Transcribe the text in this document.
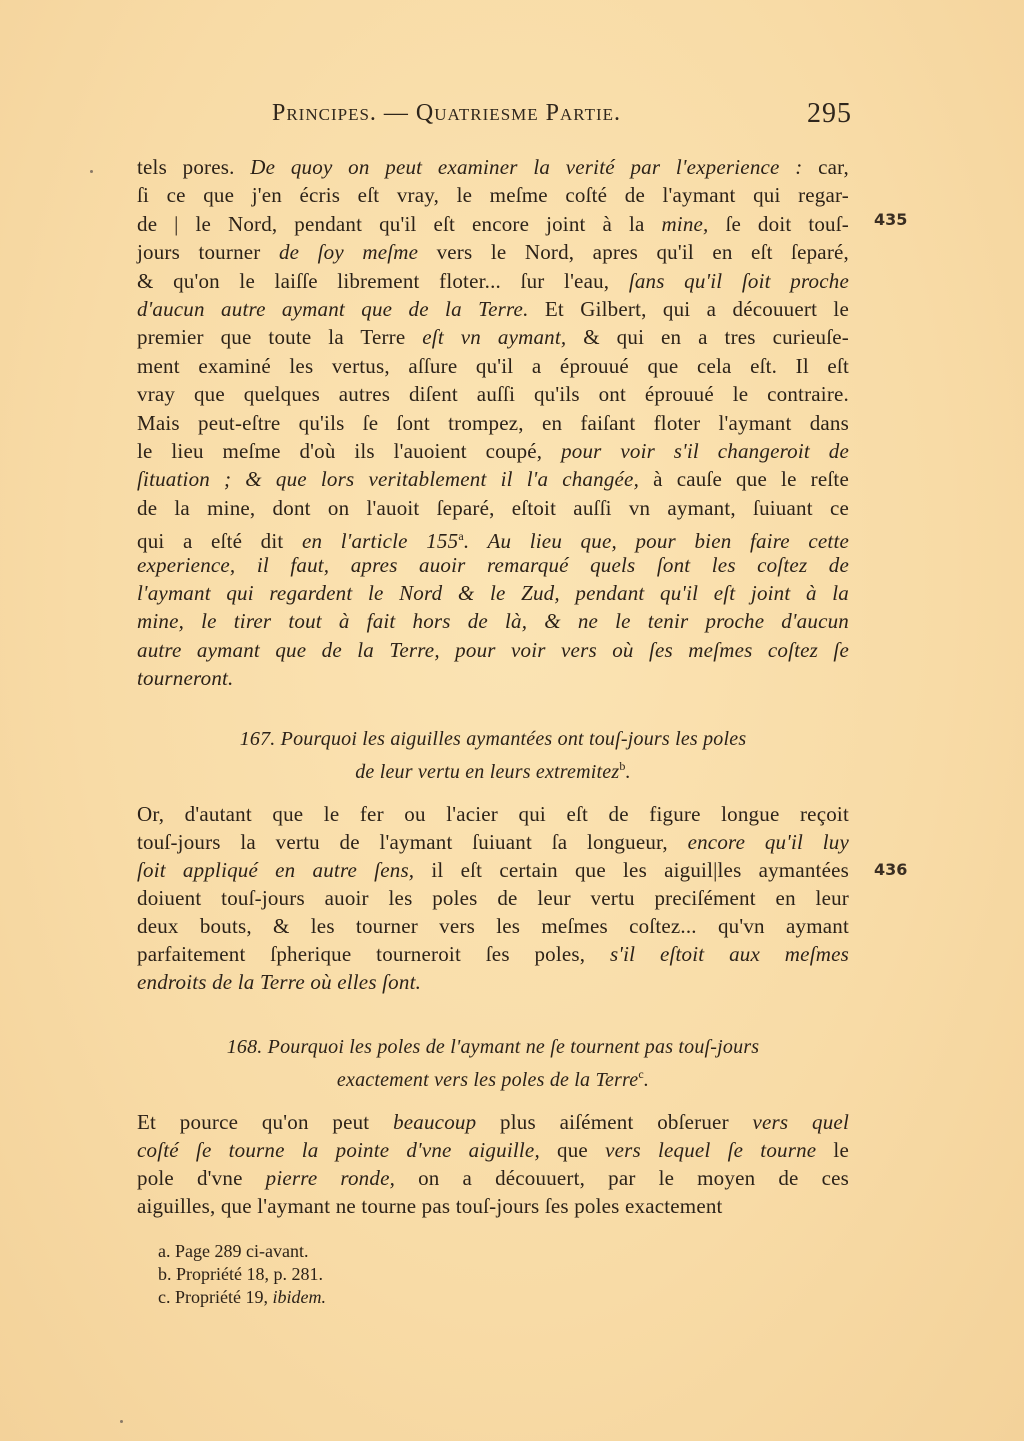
Principes. — Quatriesme Partie.	295
tels pores. De quoy on peut examiner la verité par l'experience : car,
ſi ce que j'en écris eſt vray, le meſme coſté de l'aymant qui regar-
de | le Nord, pendant qu'il eſt encore joint à la mine, ſe doit touſ-
jours tourner de ſoy meſme vers le Nord, apres qu'il en eſt ſeparé,
& qu'on le laiſſe librement floter... ſur l'eau, ſans qu'il ſoit proche
d'aucun autre aymant que de la Terre. Et Gilbert, qui a découuert le
premier que toute la Terre eſt vn aymant, & qui en a tres curieuſe-
ment examiné les vertus, aſſure qu'il a éprouué que cela eſt. Il eſt
vray que quelques autres diſent auſſi qu'ils ont éprouué le contraire.
Mais peut-eſtre qu'ils ſe ſont trompez, en faiſant floter l'aymant dans
le lieu meſme d'où ils l'auoient coupé, pour voir s'il changeroit de
ſituation ; & que lors veritablement il l'a changée, à cauſe que le reſte
de la mine, dont on l'auoit ſeparé, eſtoit auſſi vn aymant, ſuiuant ce
qui a eſté dit en l'article 155$^a$. Au lieu que, pour bien faire cette
experience, il faut, apres auoir remarqué quels ſont les coſtez de
l'aymant qui regardent le Nord & le Zud, pendant qu'il eſt joint à la
mine, le tirer tout à fait hors de là, & ne le tenir proche d'aucun
autre aymant que de la Terre, pour voir vers où ſes meſmes coſtez ſe
tourneront.
167. Pourquoi les aiguilles aymantées ont touſ-jours les poles
de leur vertu en leurs extremitez$^b$.
Or, d'autant que le fer ou l'acier qui eſt de figure longue reçoit
touſ-jours la vertu de l'aymant ſuiuant ſa longueur, encore qu'il luy
ſoit appliqué en autre ſens, il eſt certain que les aiguil|les aymantées
doiuent touſ-jours auoir les poles de leur vertu preciſément en leur
deux bouts, & les tourner vers les meſmes coſtez... qu'vn aymant
parfaitement ſpherique tourneroit ſes poles, s'il eſtoit aux meſmes
endroits de la Terre où elles ſont.
168. Pourquoi les poles de l'aymant ne ſe tournent pas touſ-jours
exactement vers les poles de la Terre$^c$.
Et pource qu'on peut beaucoup plus aiſément obſeruer vers quel
coſté ſe tourne la pointe d'vne aiguille, que vers lequel ſe tourne le
pole d'vne pierre ronde, on a découuert, par le moyen de ces
aiguilles, que l'aymant ne tourne pas touſ-jours ſes poles exactement
435
436
a. Page 289 ci-avant.
b. Propriété 18, p. 281.
c. Propriété 19, ibidem.
